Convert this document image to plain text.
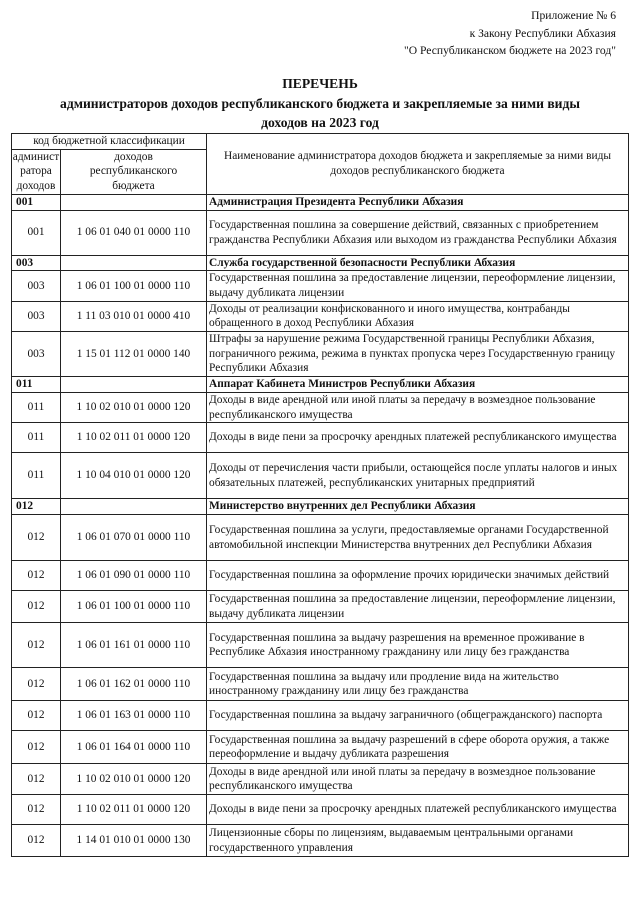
Приложение № 6
к Закону Республики Абхазия
"О Республиканском бюджете на 2023 год"
ПЕРЕЧЕНЬ
администраторов доходов республиканского бюджета и закрепляемые за ними виды
доходов на 2023 год
код бюджетной классификации		Наименование администратора доходов бюджета и закрепляемые за ними виды доходов республиканского бюджета
админист ратора доходов	доходов республиканского бюджета	
001		Администрация Президента Республики Абхазия
001	1 06 01 040 01 0000 110	Государственная пошлина за совершение действий, связанных с приобретением гражданства Республики Абхазия или выходом из гражданства Республики Абхазия
003		Служба государственной безопасности Республики Абхазия
003	1 06 01 100 01 0000 110	Государственная пошлина за предоставление лицензии, переоформление лицензии, выдачу дубликата лицензии
003	1 11 03 010 01 0000 410	Доходы от реализации конфискованного и иного имущества, контрабанды обращенного в доход Республики Абхазия
003	1 15 01 112 01 0000 140	Штрафы за нарушение режима Государственной границы Республики Абхазия, пограничного режима, режима в пунктах пропуска через Государственную границу Республики Абхазия
011		Аппарат Кабинета Министров Республики Абхазия
011	1 10 02 010 01 0000 120	Доходы в виде арендной или иной платы за передачу в возмездное пользование республиканского имущества
011	1 10 02 011 01 0000 120	Доходы в виде пени за просрочку арендных платежей республиканского имущества
011	1 10 04 010 01 0000 120	Доходы от перечисления части прибыли, остающейся после уплаты налогов и иных обязательных платежей, республиканских унитарных предприятий
012		Министерство внутренних дел Республики Абхазия
012	1 06 01 070 01 0000 110	Государственная пошлина за услуги, предоставляемые органами Государственной автомобильной инспекции Министерства внутренних дел Республики Абхазия
012	1 06 01 090 01 0000 110	Государственная пошлина за оформление прочих юридически значимых действий
012	1 06 01 100 01 0000 110	Государственная пошлина за предоставление лицензии, переоформление лицензии, выдачу дубликата лицензии
012	1 06 01 161 01 0000 110	Государственная пошлина за выдачу разрешения на временное проживание в Республике Абхазия иностранному гражданину или лицу без гражданства
012	1 06 01 162 01 0000 110	Государственная пошлина за выдачу или продление вида на жительство иностранному гражданину или лицу без гражданства
012	1 06 01 163 01 0000 110	Государственная пошлина за выдачу заграничного (общегражданского) паспорта
012	1 06 01 164 01 0000 110	Государственная пошлина за выдачу разрешений в сфере оборота оружия, а также переоформление и выдачу дубликата разрешения
012	1 10 02 010 01 0000 120	Доходы в виде арендной или иной платы за передачу в возмездное пользование республиканского имущества
012	1 10 02 011 01 0000 120	Доходы в виде пени за просрочку арендных платежей республиканского имущества
012	1 14 01 010 01 0000 130	Лицензионные сборы по лицензиям, выдаваемым центральными органами государственного управления
